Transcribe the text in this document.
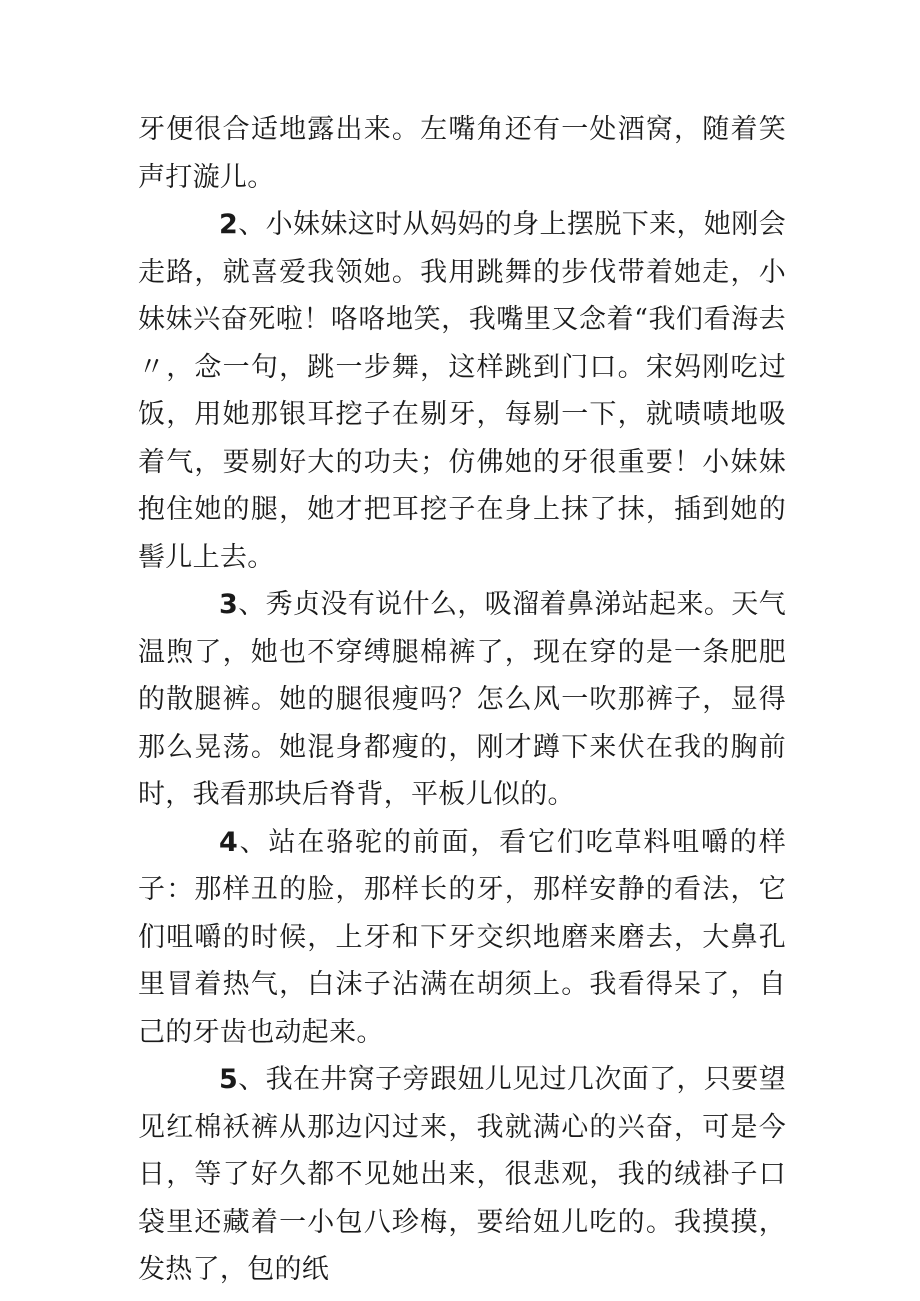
牙便很合适地露出来。左嘴角还有一处酒窝，随着笑声打漩儿。

2、小妹妹这时从妈妈的身上摆脱下来，她刚会走路，就喜爱我领她。我用跳舞的步伐带着她走，小妹妹兴奋死啦！咯咯地笑，我嘴里又念着“我们看海去〃，念一句，跳一步舞，这样跳到门口。宋妈刚吃过饭，用她那银耳挖子在剔牙，每剔一下，就啧啧地吸着气，要剔好大的功夫；仿佛她的牙很重要！小妹妹抱住她的腿，她才把耳挖子在身上抹了抹，插到她的髻儿上去。

3、秀贞没有说什么，吸溜着鼻涕站起来。天气温煦了，她也不穿缚腿棉裤了，现在穿的是一条肥肥的散腿裤。她的腿很瘦吗？怎么风一吹那裤子，显得那么晃荡。她混身都瘦的，刚才蹲下来伏在我的胸前时，我看那块后脊背，平板儿似的。

4、站在骆驼的前面，看它们吃草料咀嚼的样子：那样丑的脸，那样长的牙，那样安静的看法，它们咀嚼的时候，上牙和下牙交织地磨来磨去，大鼻孔里冒着热气，白沫子沾满在胡须上。我看得呆了，自己的牙齿也动起来。

5、我在井窝子旁跟妞儿见过几次面了，只要望见红棉袄裤从那边闪过来，我就满心的兴奋，可是今日，等了好久都不见她出来，很悲观，我的绒褂子口袋里还藏着一小包八珍梅，要给妞儿吃的。我摸摸，发热了，包的纸
